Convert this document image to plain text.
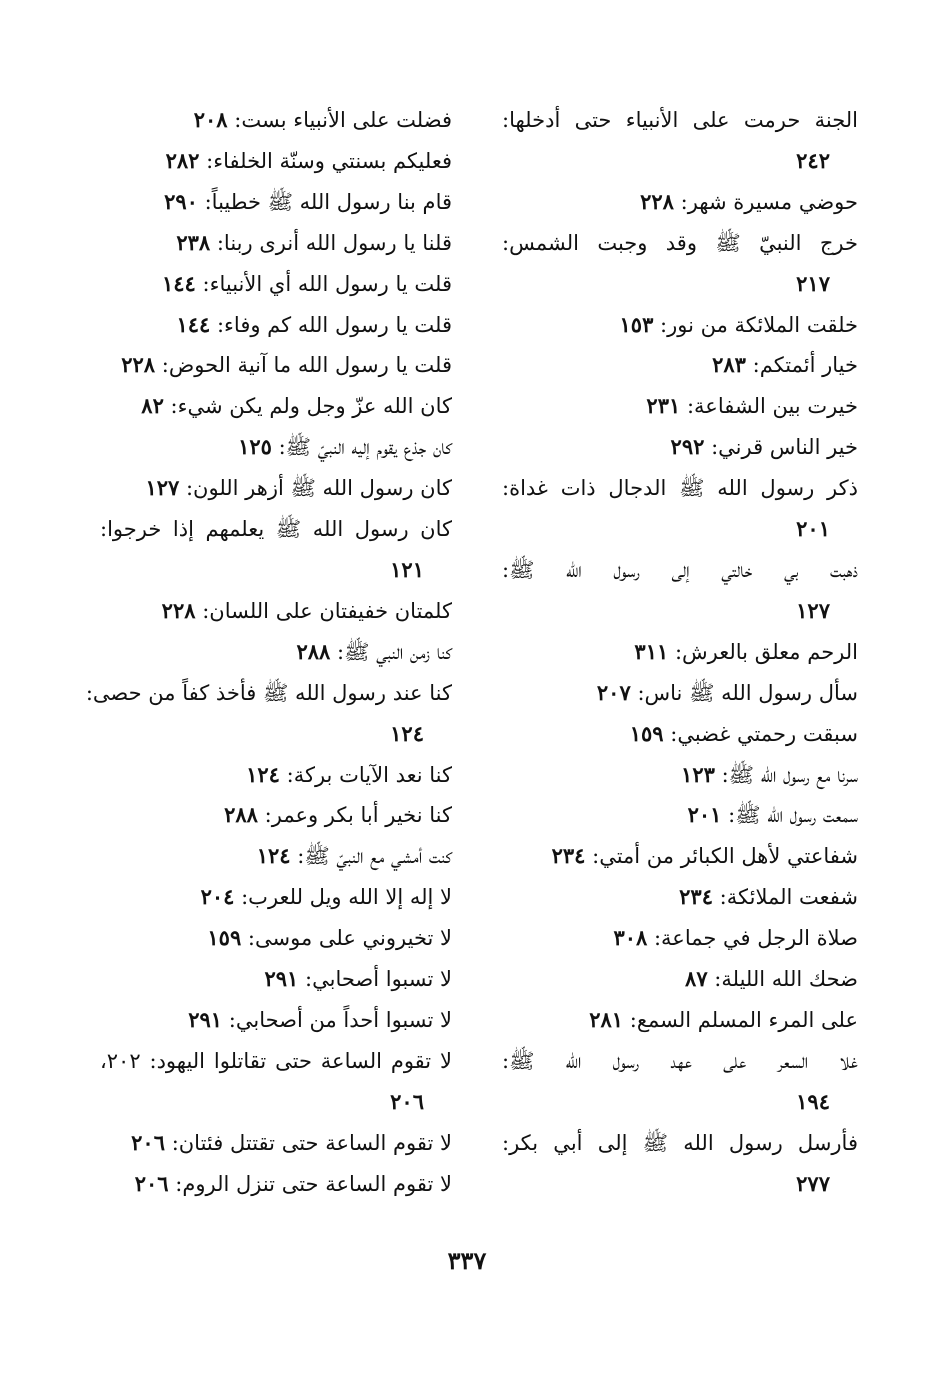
الجنة حرمت على الأنبياء حتى أدخلها:
٢٤٢
حوضي مسيرة شهر: ٢٢٨
خرج النبيّ ﷺ وقد وجبت الشمس:
٢١٧
خلقت الملائكة من نور: ١٥٣
خيار أئمتكم: ٢٨٣
خيرت بين الشفاعة: ٢٣١
خير الناس قرني: ٢٩٢
ذكر رسول الله ﷺ الدجال ذات غداة:
٢٠١
ذهبت بي خالتي إلى رسول الله ﷺ:
١٢٧
الرحم معلق بالعرش: ٣١١
سأل رسول الله ﷺ ناس: ٢٠٧
سبقت رحمتي غضبي: ١٥٩
سرنا مع رسول الله ﷺ: ١٢٣
سمعت رسول الله ﷺ: ٢٠١
شفاعتي لأهل الكبائر من أمتي: ٢٣٤
شفعت الملائكة: ٢٣٤
صلاة الرجل في جماعة: ٣٠٨
ضحك الله الليلة: ٨٧
على المرء المسلم السمع: ٢٨١
غلا السعر على عهد رسول الله ﷺ:
١٩٤
فأرسل رسول الله ﷺ إلى أبي بكر:
٢٧٧
فضلت على الأنبياء بست: ٢٠٨
فعليكم بسنتي وسنّة الخلفاء: ٢٨٢
قام بنا رسول الله ﷺ خطيباً: ٢٩٠
قلنا يا رسول الله أنرى ربنا: ٢٣٨
قلت يا رسول الله أي الأنبياء: ١٤٤
قلت يا رسول الله كم وفاء: ١٤٤
قلت يا رسول الله ما آنية الحوض: ٢٢٨
كان الله عزّ وجل ولم يكن شيء: ٨٢
كان جذع يقوم إليه النبيّ ﷺ: ١٢٥
كان رسول الله ﷺ أزهر اللون: ١٢٧
كان رسول الله ﷺ يعلمهم إذا خرجوا:
١٢١
كلمتان خفيفتان على اللسان: ٢٢٨
كنا زمن النبي ﷺ: ٢٨٨
كنا عند رسول الله ﷺ فأخذ كفاً من حصى:
١٢٤
كنا نعد الآيات بركة: ١٢٤
كنا نخير أبا بكر وعمر: ٢٨٨
كنت أمشي مع النبيّ ﷺ: ١٢٤
لا إله إلا الله ويل للعرب: ٢٠٤
لا تخيروني على موسى: ١٥٩
لا تسبوا أصحابي: ٢٩١
لا تسبوا أحداً من أصحابي: ٢٩١
لا تقوم الساعة حتى تقاتلوا اليهود: ٢٠٢،
٢٠٦
لا تقوم الساعة حتى تقتتل فئتان: ٢٠٦
لا تقوم الساعة حتى تنزل الروم: ٢٠٦
٣٣٧
